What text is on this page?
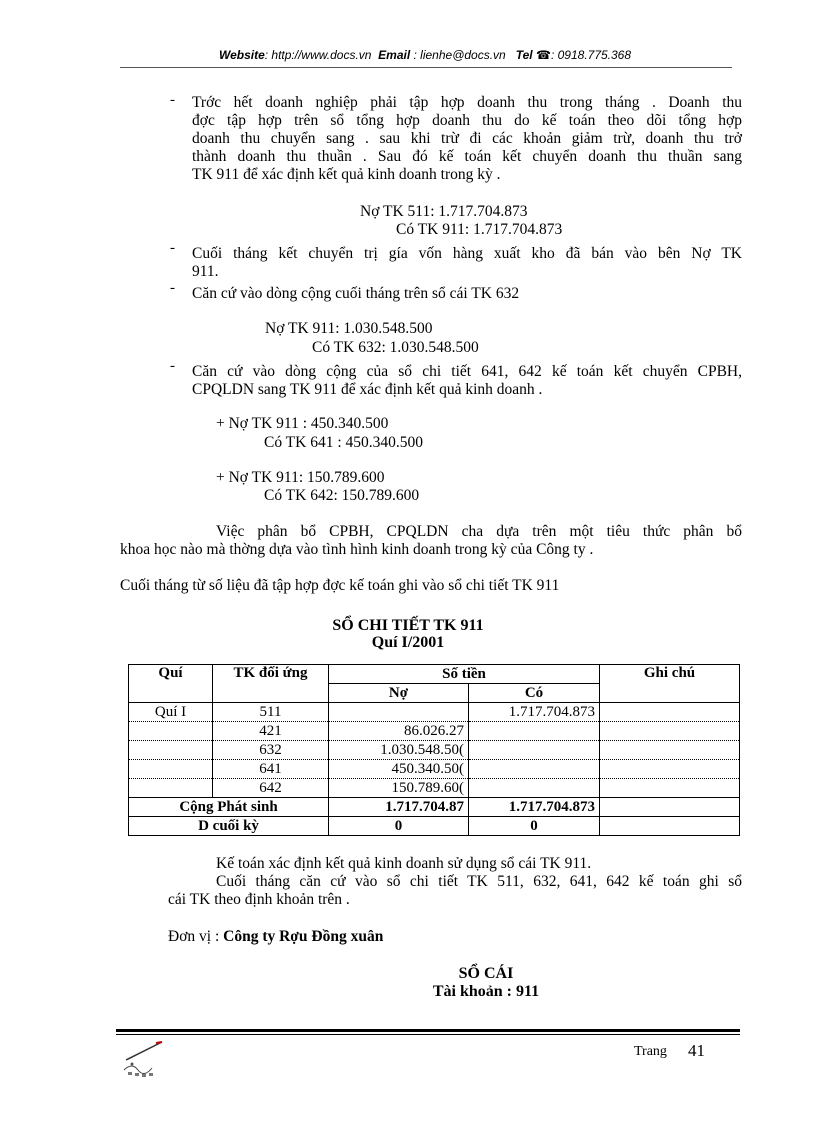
Website: http://www.docs.vn Email : lienhe@docs.vn Tel ☎: 0918.775.368
- Trớc hết doanh nghiệp phải tập hợp doanh thu trong tháng . Doanh thu
đợc tập hợp trên sổ tổng hợp doanh thu do kế toán theo dõi tổng hợp
doanh thu chuyển sang . sau khi trừ đi các khoản giảm trừ, doanh thu trở
thành doanh thu thuần . Sau đó kế toán kết chuyển doanh thu thuần sang
TK 911 để xác định kết quả kinh doanh trong kỳ .
Nợ TK 511: 1.717.704.873
Có TK 911: 1.717.704.873
- Cuối tháng kết chuyển trị gía vốn hàng xuất kho đã bán vào bên Nợ TK
911.
- Căn cứ vào dòng cộng cuối tháng trên sổ cái TK 632
Nợ TK 911: 1.030.548.500
Có TK 632: 1.030.548.500
- Căn cứ vào dòng cộng của sổ chi tiết 641, 642 kế toán kết chuyển CPBH,
CPQLDN sang TK 911 để xác định kết quả kinh doanh .
+ Nợ TK 911 : 450.340.500
Có TK 641 : 450.340.500
+ Nợ TK 911: 150.789.600
Có TK 642: 150.789.600
Việc phân bổ CPBH, CPQLDN cha dựa trên một tiêu thức phân bổ
khoa học nào mà thờng dựa vào tình hình kinh doanh trong kỳ của Công ty .
Cuối tháng từ số liệu đã tập hợp đợc kế toán ghi vào sổ chi tiết TK 911
SỔ CHI TIẾT TK 911
Quí I/2001
Quí	TK đối ứng	Số tiền		Ghi chú
		Nợ	Có	
Quí I	511		1.717.704.873	
	421	86.026.27		
	632	1.030.548.50(		
	641	450.340.50(		
	642	150.789.60(		
Cộng Phát sinh		1.717.704.87	1.717.704.873	
D cuối kỳ		0	0	
Kế toán xác định kết quả kinh doanh sử dụng sổ cái TK 911.
Cuối tháng căn cứ vào sổ chi tiết TK 511, 632, 641, 642 kế toán ghi sổ
cái TK theo định khoản trên .
Đơn vị : Công ty Rợu Đồng xuân
SỔ CÁI
Tài khoản : 911
Trang 41
